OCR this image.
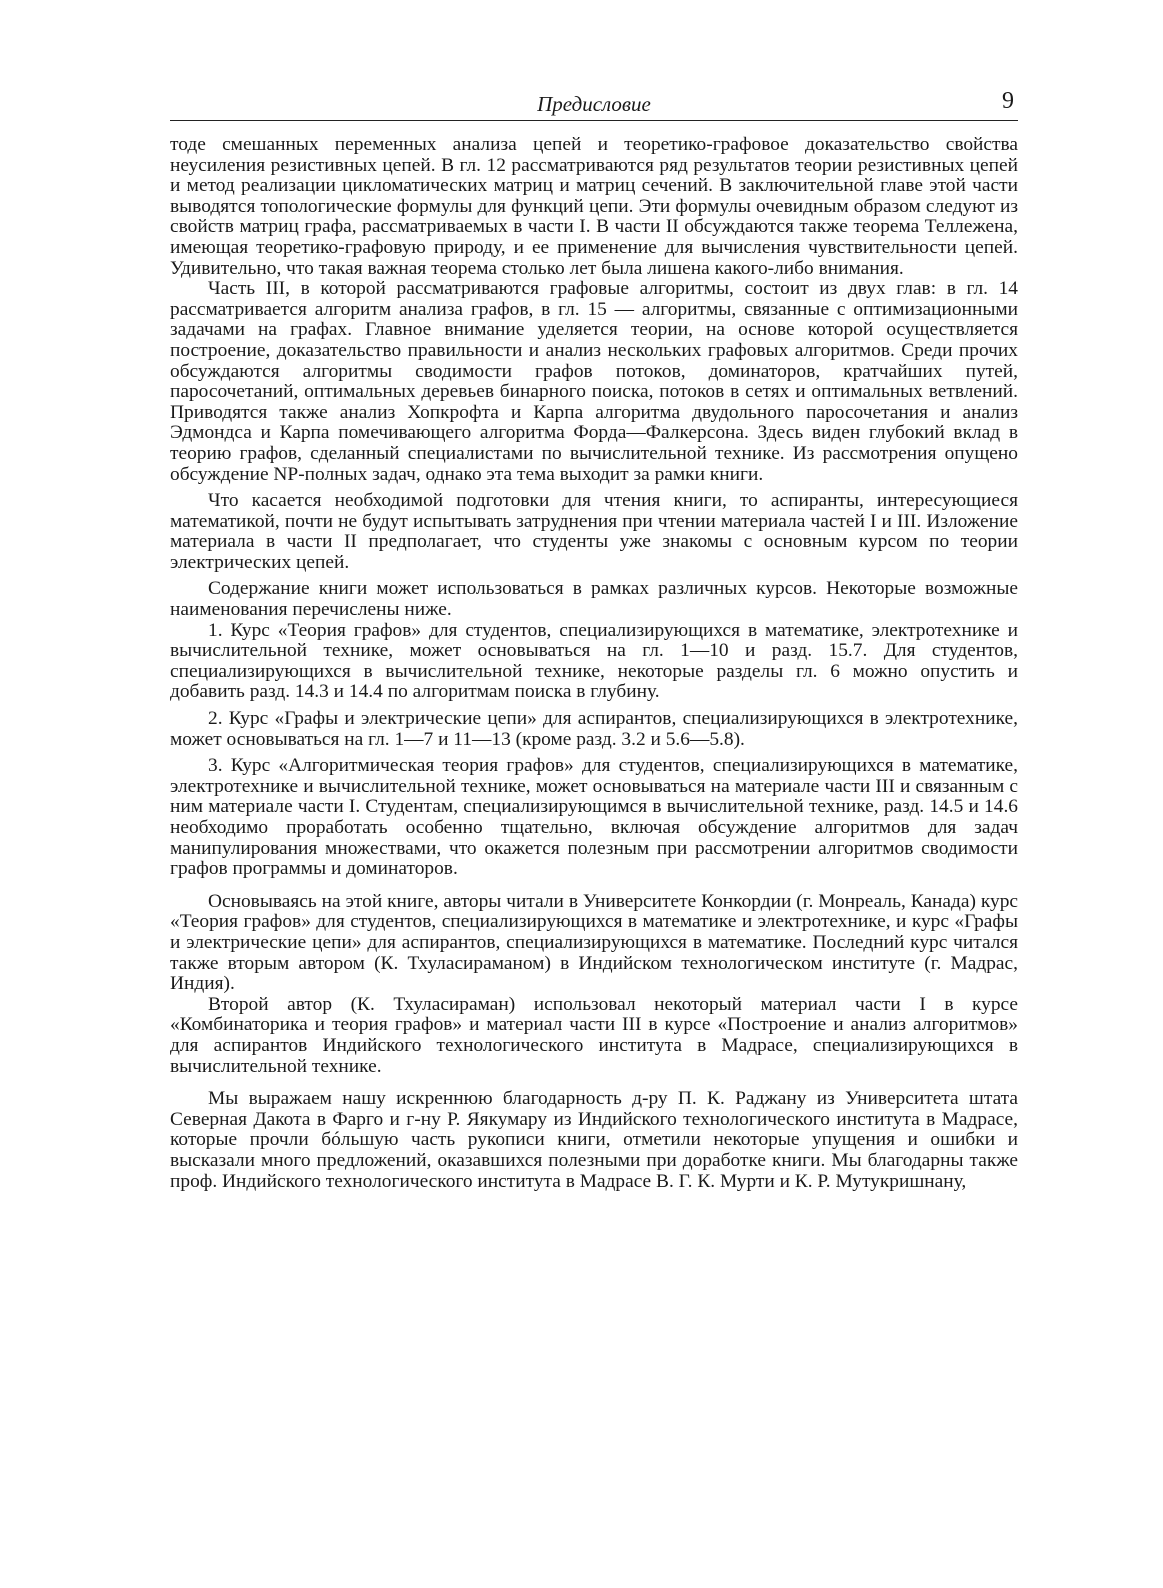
Предисловие	9

тоде смешанных переменных анализа цепей и теоретико-графовое доказательство свойства неусиления резистивных цепей. В гл. 12 рассматриваются ряд результатов теории резистивных цепей и метод реализации цикломатических матриц и матриц сечений. В заключительной главе этой части выводятся топологические формулы для функций цепи. Эти формулы очевидным образом следуют из свойств матриц графа, рассматриваемых в части I. В части II обсуждаются также теорема Теллежена, имеющая теоретико-графовую природу, и ее применение для вычисления чувствительности цепей. Удивительно, что такая важная теорема столько лет была лишена какого-либо внимания.

Часть III, в которой рассматриваются графовые алгоритмы, состоит из двух глав: в гл. 14 рассматривается алгоритм анализа графов, в гл. 15 — алгоритмы, связанные с оптимизационными задачами на графах. Главное внимание уделяется теории, на основе которой осуществляется построение, доказательство правильности и анализ нескольких графовых алгоритмов. Среди прочих обсуждаются алгоритмы сводимости графов потоков, доминаторов, кратчайших путей, паросочетаний, оптимальных деревьев бинарного поиска, потоков в сетях и оптимальных ветвлений. Приводятся также анализ Хопкрофта и Карпа алгоритма двудольного паросочетания и анализ Эдмондса и Карпа помечивающего алгоритма Форда—Фалкерсона. Здесь виден глубокий вклад в теорию графов, сделанный специалистами по вычислительной технике. Из рассмотрения опущено обсуждение NP-полных задач, однако эта тема выходит за рамки книги.

Что касается необходимой подготовки для чтения книги, то аспиранты, интересующиеся математикой, почти не будут испытывать затруднения при чтении материала частей I и III. Изложение материала в части II предполагает, что студенты уже знакомы с основным курсом по теории электрических цепей.

Содержание книги может использоваться в рамках различных курсов. Некоторые возможные наименования перечислены ниже.

1. Курс «Теория графов» для студентов, специализирующихся в математике, электротехнике и вычислительной технике, может основываться на гл. 1—10 и разд. 15.7. Для студентов, специализирующихся в вычислительной технике, некоторые разделы гл. 6 можно опустить и добавить разд. 14.3 и 14.4 по алгоритмам поиска в глубину.

2. Курс «Графы и электрические цепи» для аспирантов, специализирующихся в электротехнике, может основываться на гл. 1—7 и 11—13 (кроме разд. 3.2 и 5.6—5.8).

3. Курс «Алгоритмическая теория графов» для студентов, специализирующихся в математике, электротехнике и вычислительной технике, может основываться на материале части III и связанным с ним материале части I. Студентам, специализирующимся в вычислительной технике, разд. 14.5 и 14.6 необходимо проработать особенно тщательно, включая обсуждение алгоритмов для задач манипулирования множествами, что окажется полезным при рассмотрении алгоритмов сводимости графов программы и доминаторов.

Основываясь на этой книге, авторы читали в Университете Конкордии (г. Монреаль, Канада) курс «Теория графов» для студентов, специализирующихся в математике и электротехнике, и курс «Графы и электрические цепи» для аспирантов, специализирующихся в математике. Последний курс читался также вторым автором (К. Тхуласираманом) в Индийском технологическом институте (г. Мадрас, Индия).

Второй автор (К. Тхуласираман) использовал некоторый материал части I в курсе «Комбинаторика и теория графов» и материал части III в курсе «Построение и анализ алгоритмов» для аспирантов Индийского технологического института в Мадрасе, специализирующихся в вычислительной технике.

Мы выражаем нашу искреннюю благодарность д-ру П. К. Раджану из Университета штата Северная Дакота в Фарго и г-ну Р. Яякумару из Индийского технологического института в Мадрасе, которые прочли бóльшую часть рукописи книги, отметили некоторые упущения и ошибки и высказали много предложений, оказавшихся полезными при доработке книги. Мы благодарны также проф. Индийского технологического института в Мадрасе В. Г. К. Мурти и К. Р. Мутукришнану,
